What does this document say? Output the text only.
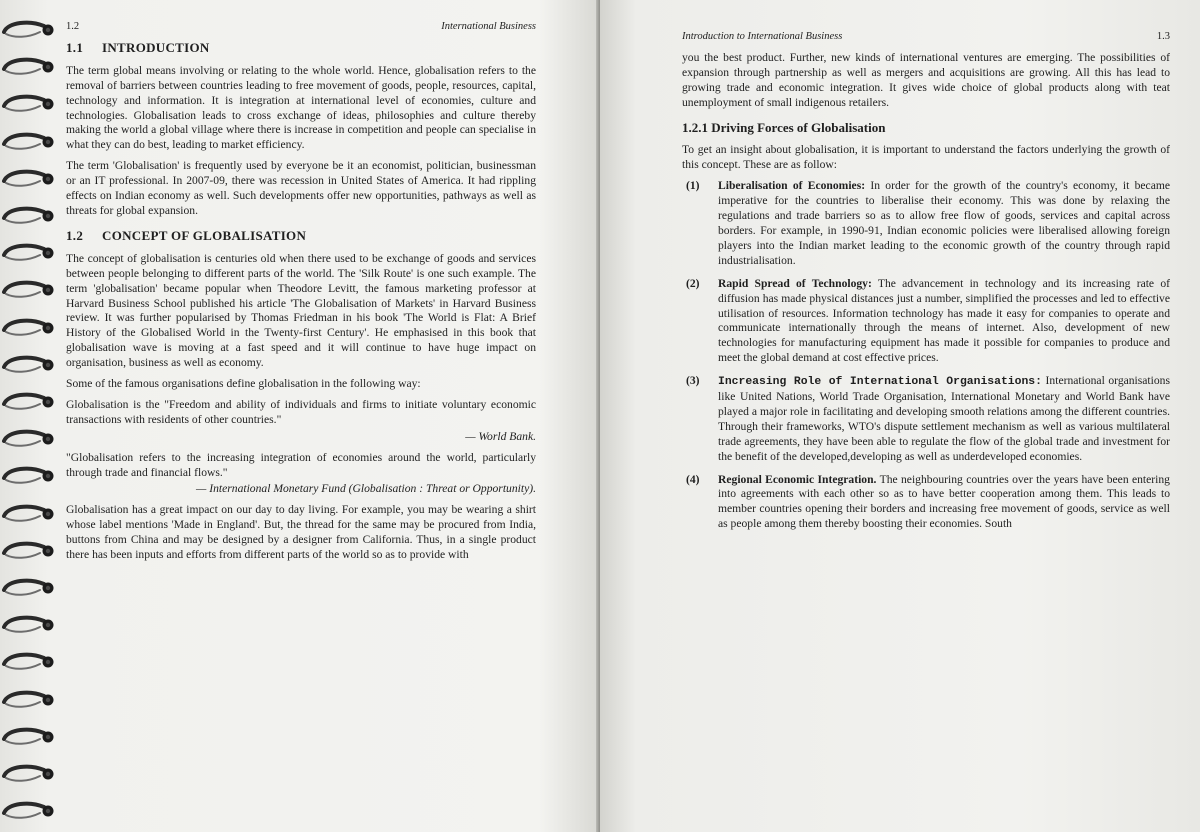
1.2	International Business
1.1 INTRODUCTION

The term global means involving or relating to the whole world. Hence, globalisation refers to the removal of barriers between countries leading to free movement of goods, people, resources, capital, technology and information. It is integration at international level of economies, culture and technologies. Globalisation leads to cross exchange of ideas, philosophies and culture thereby making the world a global village where there is increase in competition and people can specialise in what they can do best, leading to market efficiency.

The term 'Globalisation' is frequently used by everyone be it an economist, politician, businessman or an IT professional. In 2007-09, there was recession in United States of America. It had rippling effects on Indian economy as well. Such developments offer new opportunities, pathways as well as threats for global expansion.

1.2 CONCEPT OF GLOBALISATION

The concept of globalisation is centuries old when there used to be exchange of goods and services between people belonging to different parts of the world. The 'Silk Route' is one such example. The term 'globalisation' became popular when Theodore Levitt, the famous marketing professor at Harvard Business School published his article 'The Globalisation of Markets' in Harvard Business review. It was further popularised by Thomas Friedman in his book 'The World is Flat: A Brief History of the Globalised World in the Twenty-first Century'. He emphasised in this book that globalisation wave is moving at a fast speed and it will continue to have huge impact on organisation, business as well as economy.

Some of the famous organisations define globalisation in the following way:

Globalisation is the "Freedom and ability of individuals and firms to initiate voluntary economic transactions with residents of other countries."

— World Bank.

"Globalisation refers to the increasing integration of economies around the world, particularly through trade and financial flows."

— International Monetary Fund (Globalisation : Threat or Opportunity).

Globalisation has a great impact on our day to day living. For example, you may be wearing a shirt whose label mentions 'Made in England'. But, the thread for the same may be procured from India, buttons from China and may be designed by a designer from California. Thus, in a single product there has been inputs and efforts from different parts of the world so as to provide with

Introduction to International Business	1.3

you the best product. Further, new kinds of international ventures are emerging. The possibilities of expansion through partnership as well as mergers and acquisitions are growing. All this has lead to growing trade and economic integration. It gives wide choice of global products along with teat unemployment of small indigenous retailers.

1.2.1 Driving Forces of Globalisation

To get an insight about globalisation, it is important to understand the factors underlying the growth of this concept. These are as follow:

(1) Liberalisation of Economies: In order for the growth of the country's economy, it became imperative for the countries to liberalise their economy. This was done by relaxing the regulations and trade barriers so as to allow free flow of goods, services and capital across borders. For example, in 1990-91, Indian economic policies were liberalised allowing foreign players into the Indian market leading to the economic growth of the country through rapid industrialisation.
(2) Rapid Spread of Technology: The advancement in technology and its increasing rate of diffusion has made physical distances just a number, simplified the processes and led to effective utilisation of resources. Information technology has made it easy for companies to operate and communicate internationally through the means of internet. Also, development of new technologies for manufacturing equipment has made it possible for companies to produce and meet the global demand at cost effective prices.
(3) Increasing Role of International Organisations: International organisations like United Nations, World Trade Organisation, International Monetary and World Bank have played a major role in facilitating and developing smooth relations among the different countries. Through their frameworks, WTO's dispute settlement mechanism as well as various multilateral trade agreements, they have been able to regulate the flow of the global trade and investment for the benefit of the developed,developing as well as underdeveloped economies.
(4) Regional Economic Integration. The neighbouring countries over the years have been entering into agreements with each other so as to have better cooperation among them. This leads to member countries opening their borders and increasing free movement of goods, service as well as people among them thereby boosting their economies. South
